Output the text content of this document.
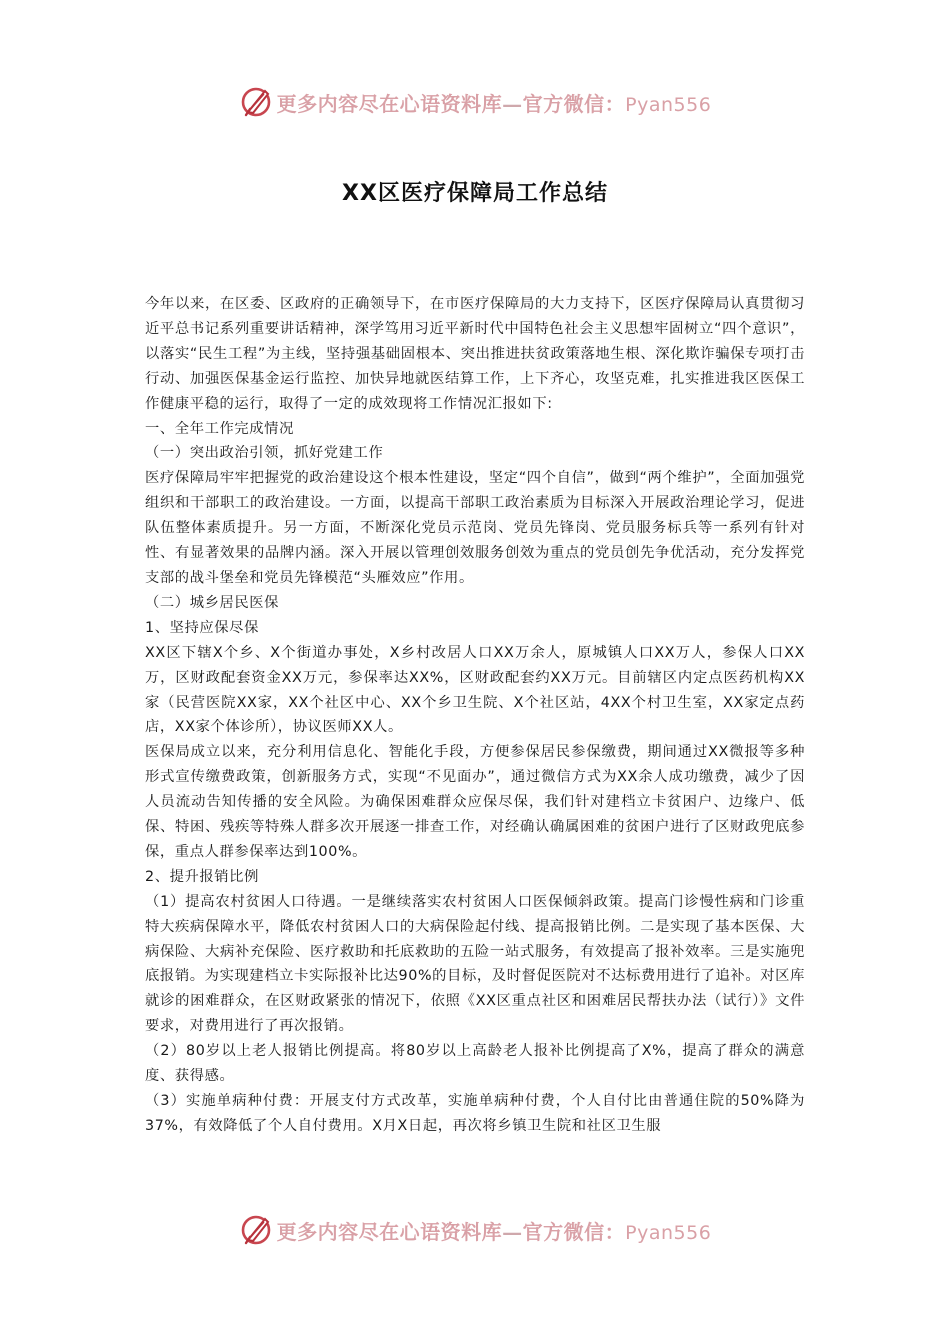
更多内容尽在心语资料库—官方微信：Pyan556
XX区医疗保障局工作总结

今年以来，在区委、区政府的正确领导下，在市医疗保障局的大力支持下，区医疗保障局认真贯彻习近平总书记系列重要讲话精神，深学笃用习近平新时代中国特色社会主义思想牢固树立“四个意识”，以落实“民生工程”为主线，坚持强基础固根本、突出推进扶贫政策落地生根、深化欺诈骗保专项打击行动、加强医保基金运行监控、加快异地就医结算工作，上下齐心，攻坚克难，扎实推进我区医保工作健康平稳的运行，取得了一定的成效现将工作情况汇报如下:

一、全年工作完成情况

（一）突出政治引领，抓好党建工作

医疗保障局牢牢把握党的政治建设这个根本性建设，坚定“四个自信”，做到“两个维护”，全面加强党组织和干部职工的政治建设。一方面，以提高干部职工政治素质为目标深入开展政治理论学习，促进队伍整体素质提升。另一方面，不断深化党员示范岗、党员先锋岗、党员服务标兵等一系列有针对性、有显著效果的品牌内涵。深入开展以管理创效服务创效为重点的党员创先争优活动，充分发挥党支部的战斗堡垒和党员先锋模范“头雁效应”作用。

（二）城乡居民医保

1、坚持应保尽保

XX区下辖X个乡、X个街道办事处，X乡村改居人口XX万余人，原城镇人口XX万人，参保人口XX万，区财政配套资金XX万元，参保率达XX%，区财政配套约XX万元。目前辖区内定点医药机构XX家（民营医院XX家，XX个社区中心、XX个乡卫生院、X个社区站，4XX个村卫生室，XX家定点药店，XX家个体诊所），协议医师XX人。

医保局成立以来，充分利用信息化、智能化手段，方便参保居民参保缴费，期间通过XX微报等多种形式宣传缴费政策，创新服务方式，实现“不见面办”，通过微信方式为XX余人成功缴费，减少了因人员流动告知传播的安全风险。为确保困难群众应保尽保，我们针对建档立卡贫困户、边缘户、低保、特困、残疾等特殊人群多次开展逐一排查工作，对经确认确属困难的贫困户进行了区财政兜底参保，重点人群参保率达到100%。

2、提升报销比例

（1）提高农村贫困人口待遇。一是继续落实农村贫困人口医保倾斜政策。提高门诊慢性病和门诊重特大疾病保障水平，降低农村贫困人口的大病保险起付线、提高报销比例。二是实现了基本医保、大病保险、大病补充保险、医疗救助和托底救助的五险一站式服务，有效提高了报补效率。三是实施兜底报销。为实现建档立卡实际报补比达90%的目标，及时督促医院对不达标费用进行了追补。对区库就诊的困难群众，在区财政紧张的情况下，依照《XX区重点社区和困难居民帮扶办法（试行）》文件要求，对费用进行了再次报销。

（2）80岁以上老人报销比例提高。将80岁以上高龄老人报补比例提高了X%，提高了群众的满意度、获得感。

（3）实施单病种付费：开展支付方式改革，实施单病种付费，个人自付比由普通住院的50%降为37%，有效降低了个人自付费用。X月X日起，再次将乡镇卫生院和社区卫生服

更多内容尽在心语资料库—官方微信：Pyan556
